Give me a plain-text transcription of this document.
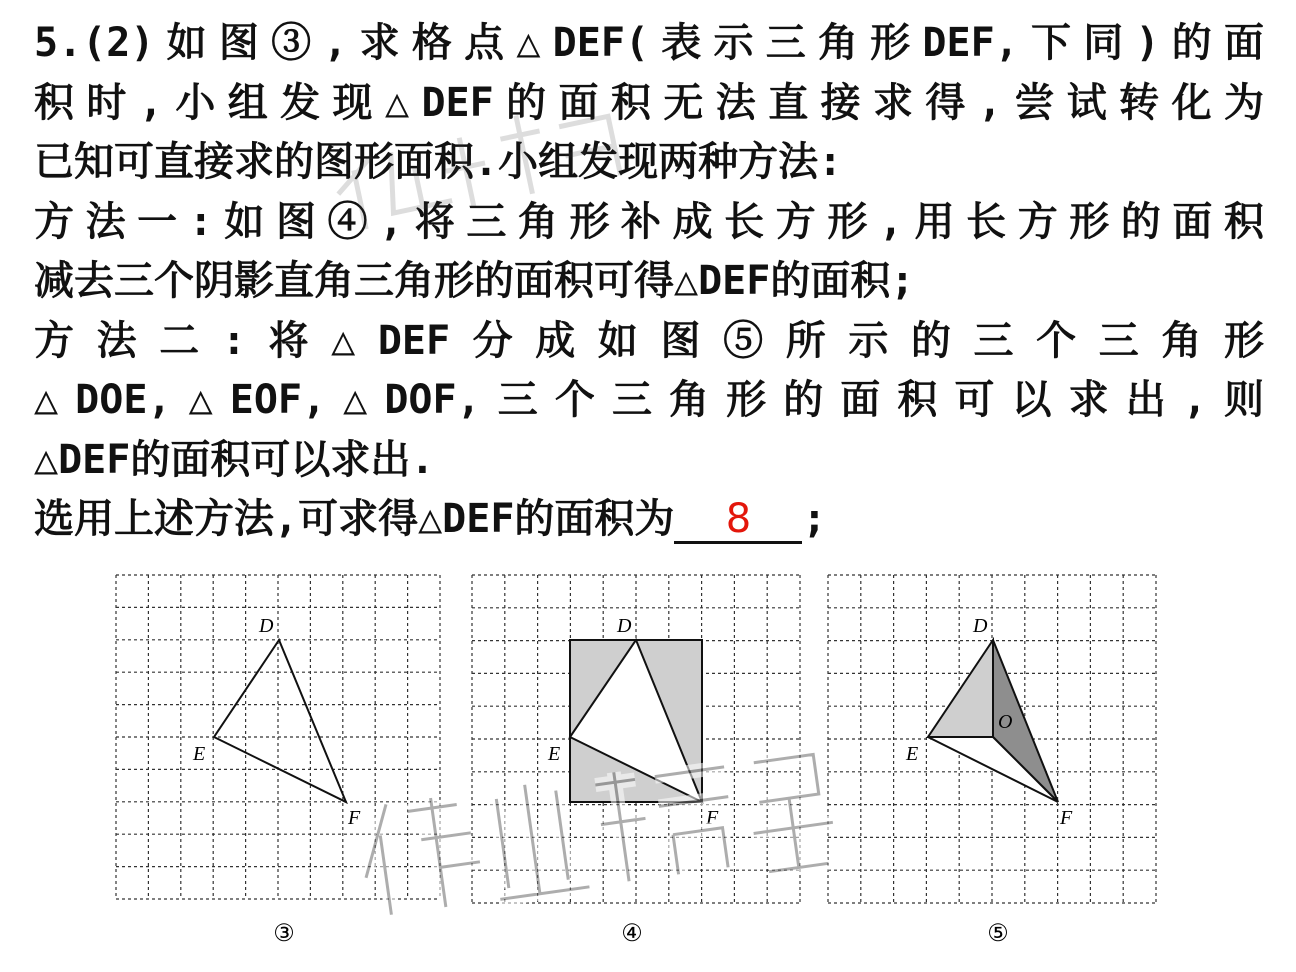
5.(2)如图③,求格点△DEF(表示三角形DEF,下同)的面
积时,小组发现△DEF的面积无法直接求得,尝试转化为
已知可直接求的图形面积.小组发现两种方法:
方法一:如图④,将三角形补成长方形,用长方形的面积
减去三个阴影直角三角形的面积可得△DEF的面积;
方法二:将△DEF分成如图⑤所示的三个三角形
△DOE,△EOF,△DOF,三个三角形的面积可以求出,则
△DEF的面积可以求出.
选用上述方法,可求得△DEF的面积为 8 ;
D
E
F
③
D
E
F
④
D
E
F
O
⑤
